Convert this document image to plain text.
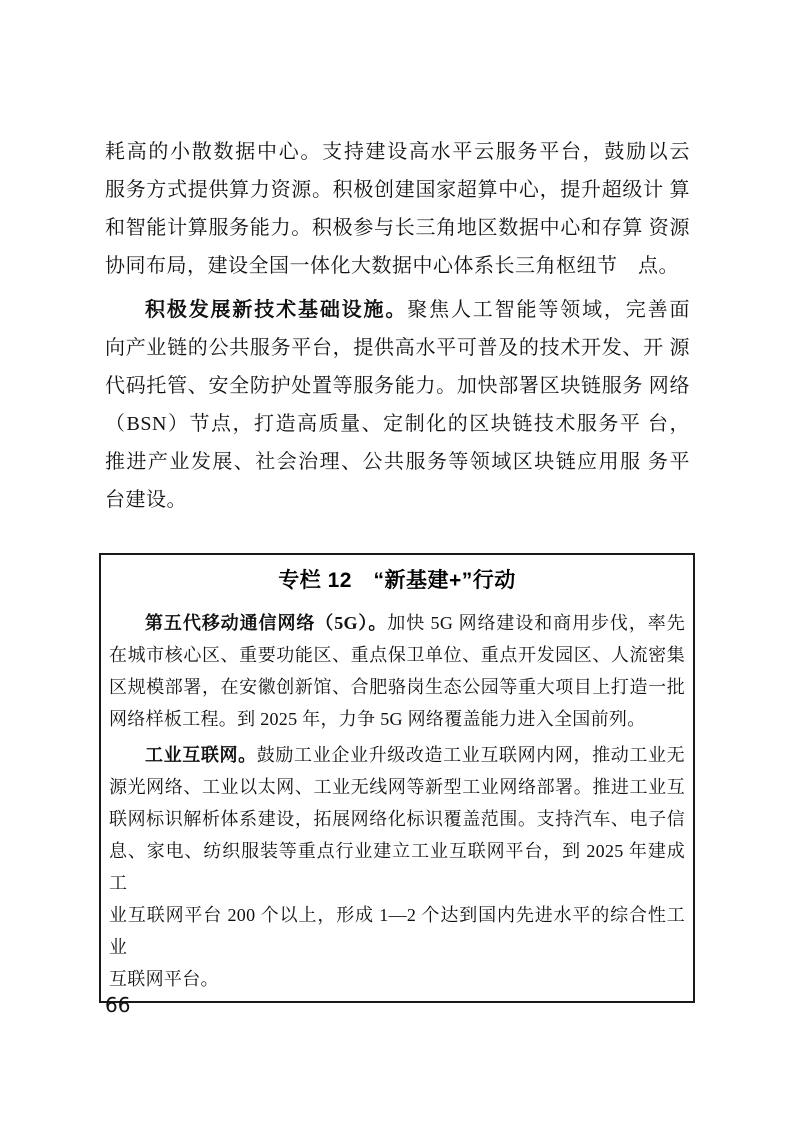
耗高的小散数据中心。支持建设高水平云服务平台，鼓励以云
服务方式提供算力资源。积极创建国家超算中心，提升超级计 算
和智能计算服务能力。积极参与长三角地区数据中心和存算 资源
协同布局，建设全国一体化大数据中心体系长三角枢纽节　点。
积极发展新技术基础设施。聚焦人工智能等领域，完善面
向产业链的公共服务平台，提供高水平可普及的技术开发、开 源
代码托管、安全防护处置等服务能力。加快部署区块链服务 网络
（BSN）节点，打造高质量、定制化的区块链技术服务平 台，
推进产业发展、社会治理、公共服务等领域区块链应用服 务平
台建设。
专栏 12　“新基建+”行动
第五代移动通信网络（5G）。加快 5G 网络建设和商用步伐，率先
在城市核心区、重要功能区、重点保卫单位、重点开发园区、人流密集
区规模部署，在安徽创新馆、合肥骆岗生态公园等重大项目上打造一批
网络样板工程。到 2025 年，力争 5G 网络覆盖能力进入全国前列。
工业互联网。鼓励工业企业升级改造工业互联网内网，推动工业无
源光网络、工业以太网、工业无线网等新型工业网络部署。推进工业互
联网标识解析体系建设，拓展网络化标识覆盖范围。支持汽车、电子信
息、家电、纺织服装等重点行业建立工业互联网平台，到 2025 年建成工
业互联网平台 200 个以上，形成 1—2 个达到国内先进水平的综合性工业
互联网平台。
66
